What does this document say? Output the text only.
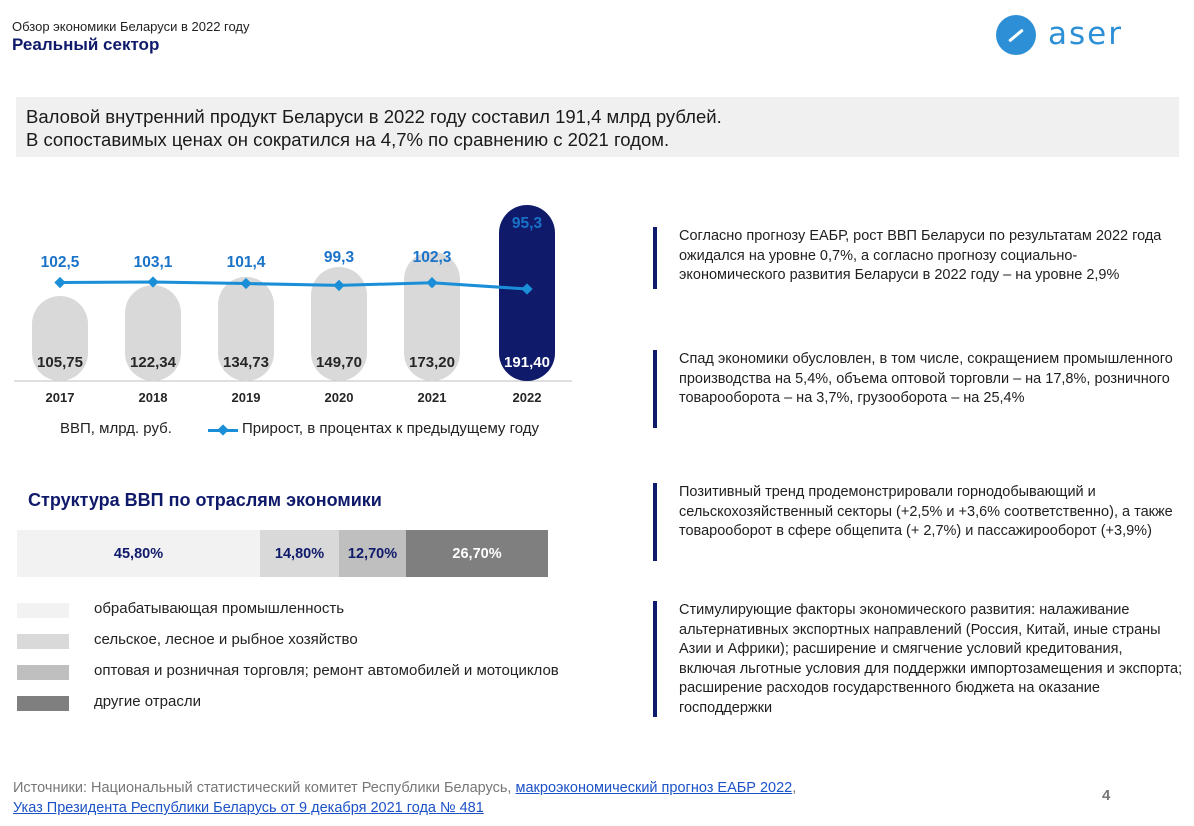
Обзор экономики Беларуси в 2022 году
Реальный сектор	aser
Валовой внутренний продукт Беларуси в 2022 году составил 191,4 млрд рублей.
В сопоставимых ценах он сократился на 4,7% по сравнению с 2021 годом.
105,75
2017
122,34
2018
134,73
2019
149,70
2020
173,20
2021
191,40
2022
102,5	103,1	101,4	99,3	102,3
95,3
ВВП, млрд. руб.	Прирост, в процентах к предыдущему году
Структура ВВП по отраслям экономики
45,80%	14,80%	12,70%	26,70%
обрабатывающая промышленность
сельское, лесное и рыбное хозяйство
оптовая и розничная торговля; ремонт автомобилей и мотоциклов
другие отрасли
Согласно прогнозу ЕАБР, рост ВВП Беларуси по результатам 2022 года ожидался на уровне 0,7%, а согласно прогнозу социально-экономического развития Беларуси в 2022 году – на уровне 2,9%
Спад экономики обусловлен, в том числе, сокращением промышленного производства на 5,4%, объема оптовой торговли – на 17,8%, розничного товарооборота – на 3,7%, грузооборота – на 25,4%
Позитивный тренд продемонстрировали горнодобывающий и сельскохозяйственный секторы (+2,5% и +3,6% соответственно), а также товарооборот в сфере общепита (+ 2,7%) и пассажирооборот (+3,9%)
Стимулирующие факторы экономического развития: налаживание альтернативных экспортных направлений (Россия, Китай, иные страны Азии и Африки); расширение и смягчение условий кредитования, включая льготные условия для поддержки импортозамещения и экспорта; расширение расходов государственного бюджета на оказание господдержки
Источники: Национальный статистический комитет Республики Беларусь, макроэкономический прогноз ЕАБР 2022,
Указ Президента Республики Беларусь от 9 декабря 2021 года № 481
4
